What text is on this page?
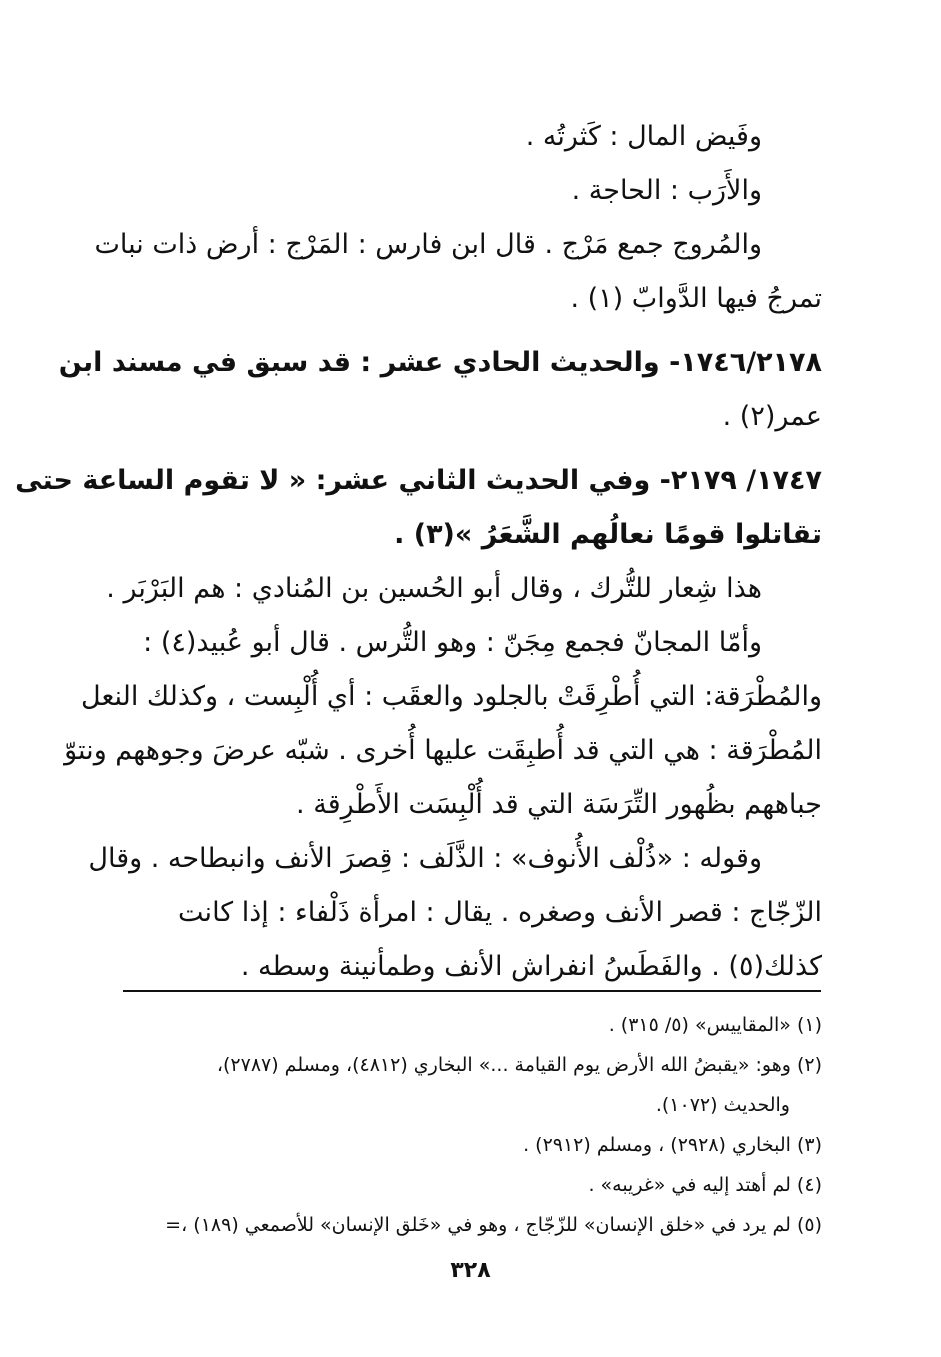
وفَيض المال : كَثرتُه .
والأَرَب : الحاجة .
والمُروج جمع مَرْج . قال ابن فارس : المَرْج : أرض ذات نبات
تمرجُ فيها الدَّوابّ (١) .
١٧٤٦/٢١٧٨- والحديث الحادي عشر : قد سبق في مسند ابن
عمر(٢) .
١٧٤٧/ ٢١٧٩- وفي الحديث الثاني عشر: « لا تقوم الساعة حتى
تقاتلوا قومًا نعالُهم الشَّعَرُ »(٣) .
هذا شِعار للتُّرك ، وقال أبو الحُسين بن المُنادي : هم البَرْبَر .
وأمّا المجانّ فجمع مِجَنّ : وهو التُّرس . قال أبو عُبيد(٤) :
والمُطْرَقة: التي أُطْرِقَتْ بالجلود والعقَب : أي أُلْبِست ، وكذلك النعل
المُطْرَقة : هي التي قد أُطبِقَت عليها أُخرى . شبّه عرضَ وجوههم ونتوّ
جباههم بظُهور التِّرَسَة التي قد أُلْبِسَت الأَطْرِقة .
وقوله : «ذُلْف الأُنوف» : الذَّلَف : قِصرَ الأنف وانبطاحه . وقال
الزّجّاج : قصر الأنف وصغره . يقال : امرأة ذَلْفاء : إذا كانت
كذلك(٥) . والفَطَسُ انفراش الأنف وطمأنينة وسطه .
(١) «المقاييس» (٥/ ٣١٥) .
(٢) وهو: «يقبضُ الله الأرض يوم القيامة ...» البخاري (٤٨١٢)، ومسلم (٢٧٨٧)،
والحديث (١٠٧٢).
(٣) البخاري (٢٩٢٨) ، ومسلم (٢٩١٢) .
(٤) لم أهتد إليه في «غريبه» .
(٥) لم يرد في «خلق الإنسان» للزّجّاج ، وهو في «خَلق الإنسان» للأصمعي (١٨٩) ،=
٣٢٨
